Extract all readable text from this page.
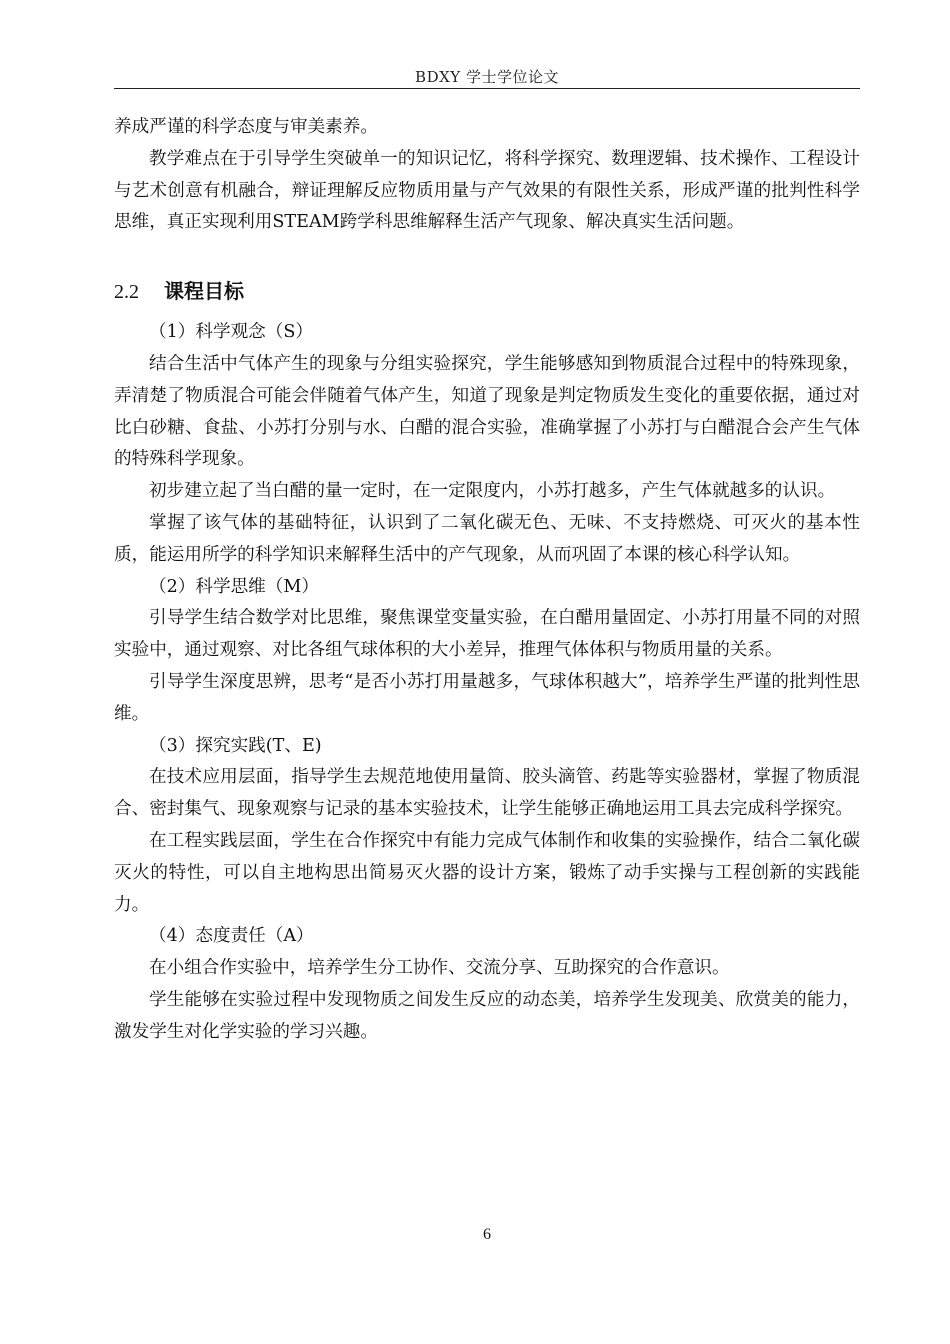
BDXY 学士学位论文

养成严谨的科学态度与审美素养。

教学难点在于引导学生突破单一的知识记忆，将科学探究、数理逻辑、技术操作、工程设计与艺术创意有机融合，辩证理解反应物质用量与产气效果的有限性关系，形成严谨的批判性科学思维，真正实现利用STEAM跨学科思维解释生活产气现象、解决真实生活问题。

2.2 课程目标

（1）科学观念（S）

结合生活中气体产生的现象与分组实验探究，学生能够感知到物质混合过程中的特殊现象，弄清楚了物质混合可能会伴随着气体产生，知道了现象是判定物质发生变化的重要依据，通过对比白砂糖、食盐、小苏打分别与水、白醋的混合实验，准确掌握了小苏打与白醋混合会产生气体的特殊科学现象。

初步建立起了当白醋的量一定时，在一定限度内，小苏打越多，产生气体就越多的认识。

掌握了该气体的基础特征，认识到了二氧化碳无色、无味、不支持燃烧、可灭火的基本性质，能运用所学的科学知识来解释生活中的产气现象，从而巩固了本课的核心科学认知。

（2）科学思维（M）

引导学生结合数学对比思维，聚焦课堂变量实验，在白醋用量固定、小苏打用量不同的对照实验中，通过观察、对比各组气球体积的大小差异，推理气体体积与物质用量的关系。

引导学生深度思辨，思考“是否小苏打用量越多，气球体积越大”，培养学生严谨的批判性思维。

（3）探究实践(T、E)

在技术应用层面，指导学生去规范地使用量筒、胶头滴管、药匙等实验器材，掌握了物质混合、密封集气、现象观察与记录的基本实验技术，让学生能够正确地运用工具去完成科学探究。

在工程实践层面，学生在合作探究中有能力完成气体制作和收集的实验操作，结合二氧化碳灭火的特性，可以自主地构思出简易灭火器的设计方案，锻炼了动手实操与工程创新的实践能力。

（4）态度责任（A）

在小组合作实验中，培养学生分工协作、交流分享、互助探究的合作意识。

学生能够在实验过程中发现物质之间发生反应的动态美，培养学生发现美、欣赏美的能力，激发学生对化学实验的学习兴趣。

6
